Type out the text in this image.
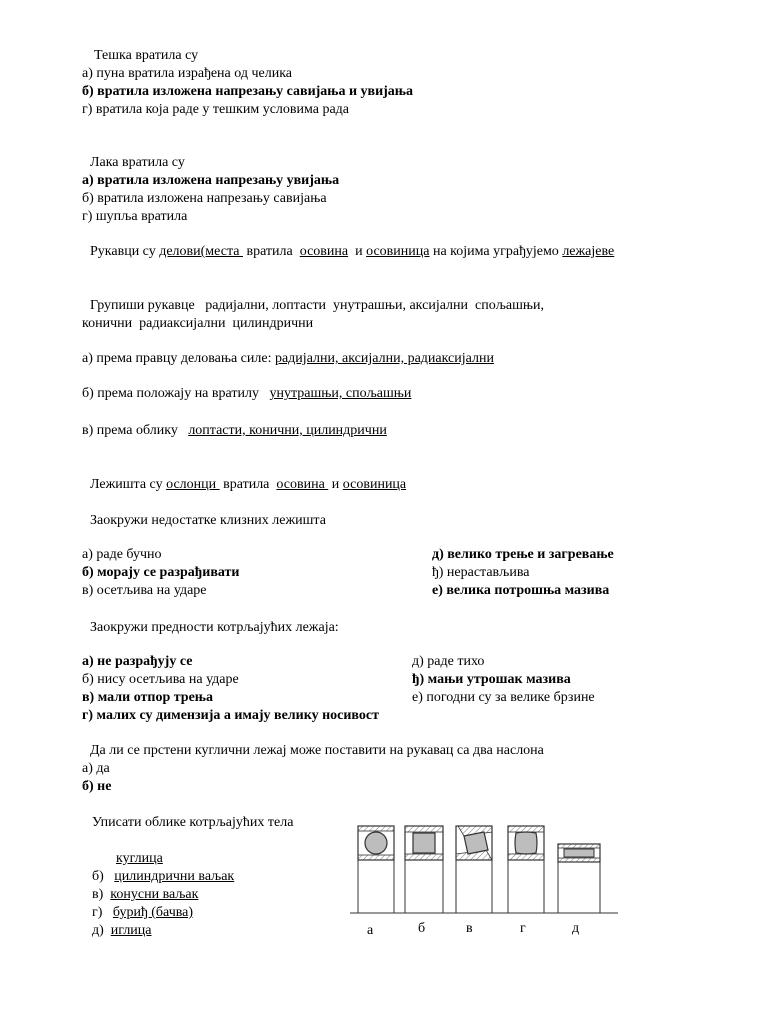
Тешка вратила су
а) пуна вратила израђена од челика
б) вратила изложена напрезању савијања и увијања
г) вратила која раде у тешким условима рада
Лака вратила су
а) вратила изложена напрезању увијања
б) вратила изложена напрезању савијања
г) шупља вратила
Рукавци су делови(места  вратила  осовина  и осовиница на којима уграђујемо лежајеве
Групиши рукавце   радијални, лоптасти  унутрашњи, аксијални  спољашњи,
конични  радиаксијални  цилиндрични
а) према правцу деловања силе: радијални, аксијални, радиаксијални
б) према положају на вратилу   унутрашњи, спољашњи
в) према облику   лоптасти, конични, цилиндрични
Лежишта су ослонци  вратила  осовина  и осовиница
Заокружи недостатке клизних лежишта
а) раде бучно
б) морају се разрађивати
в) осетљива на ударе
д) велико трење и загревање
ђ) нерастављива
е) велика потрошња мазива
Заокружи предности котрљајућих лежаја:
а) не разрађују се
б) нисy осетљива на ударе
в) мали отпор трења
г) малих су димензија а имају велику носивост
д) раде тихо
ђ) мањи утрошак мазива
е) погодни су за велике брзине
Да ли се прстени куглични лежај може поставити на рукавац са два наслона
а) да
б) не
Уписати облике котрљајућих тела
куглица
б) цилиндрични ваљак
в) конусни ваљак
г) буриђ (бачва)
д) иглица	а	б	в	г	д
